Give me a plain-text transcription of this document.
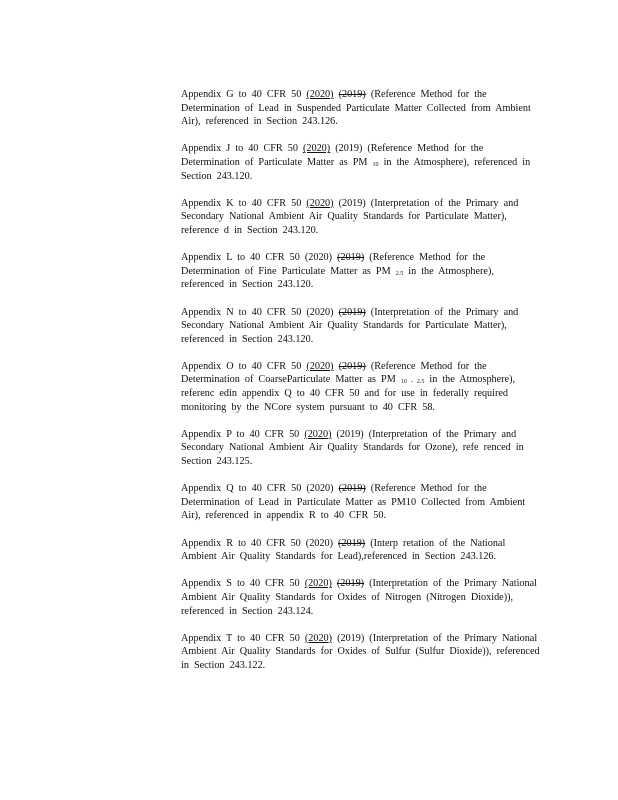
Appendix G to 40 CFR 50 (2020) (2019) (Reference Method for the Determination of Lead in Suspended Particulate Matter Collected from Ambient Air), referenced in Section 243.126.

Appendix J to 40 CFR 50 (2020) (2019) (Reference Method for the Determination of Particulate Matter as PM $_{10}$ in the Atmosphere), referenced in Section 243.120.

Appendix K to 40 CFR 50 (2020) (2019) (Interpretation of the Primary and Secondary National Ambient Air Quality Standards for Particulate Matter), reference d in Section 243.120.

Appendix L to 40 CFR 50 (2020) (2019) (Reference Method for the Determination of Fine Particulate Matter as PM $_{2.5}$ in the Atmosphere), referenced in Section 243.120.

Appendix N to 40 CFR 50 (2020) (2019) (Interpretation of the Primary and Secondary National Ambient Air Quality Standards for Particulate Matter), referenced in Section 243.120.

Appendix O to 40 CFR 50 (2020) (2019) (Reference Method for the Determination of CoarseParticulate Matter as PM $_{10 - 2.5}$ in the Atmosphere), referenc edin appendix Q to 40 CFR 50 and for use in federally required monitoring by the NCore system pursuant to 40 CFR 58.

Appendix P to 40 CFR 50 (2020) (2019) (Interpretation of the Primary and Secondary National Ambient Air Quality Standards for Ozone), refe renced in Section 243.125.

Appendix Q to 40 CFR 50 (2020) (2019) (Reference Method for the Determination of Lead in Particulate Matter as PM10 Collected from Ambient Air), referenced in appendix R to 40 CFR 50.

Appendix R to 40 CFR 50 (2020) (2019) (Interp retation of the National Ambient Air Quality Standards for Lead),referenced in Section 243.126.

Appendix S to 40 CFR 50 (2020) (2019) (Interpretation of the Primary National Ambient Air Quality Standards for Oxides of Nitrogen (Nitrogen Dioxide)), referenced in Section 243.124.

Appendix T to 40 CFR 50 (2020) (2019) (Interpretation of the Primary National Ambient Air Quality Standards for Oxides of Sulfur (Sulfur Dioxide)), referenced in Section 243.122.
